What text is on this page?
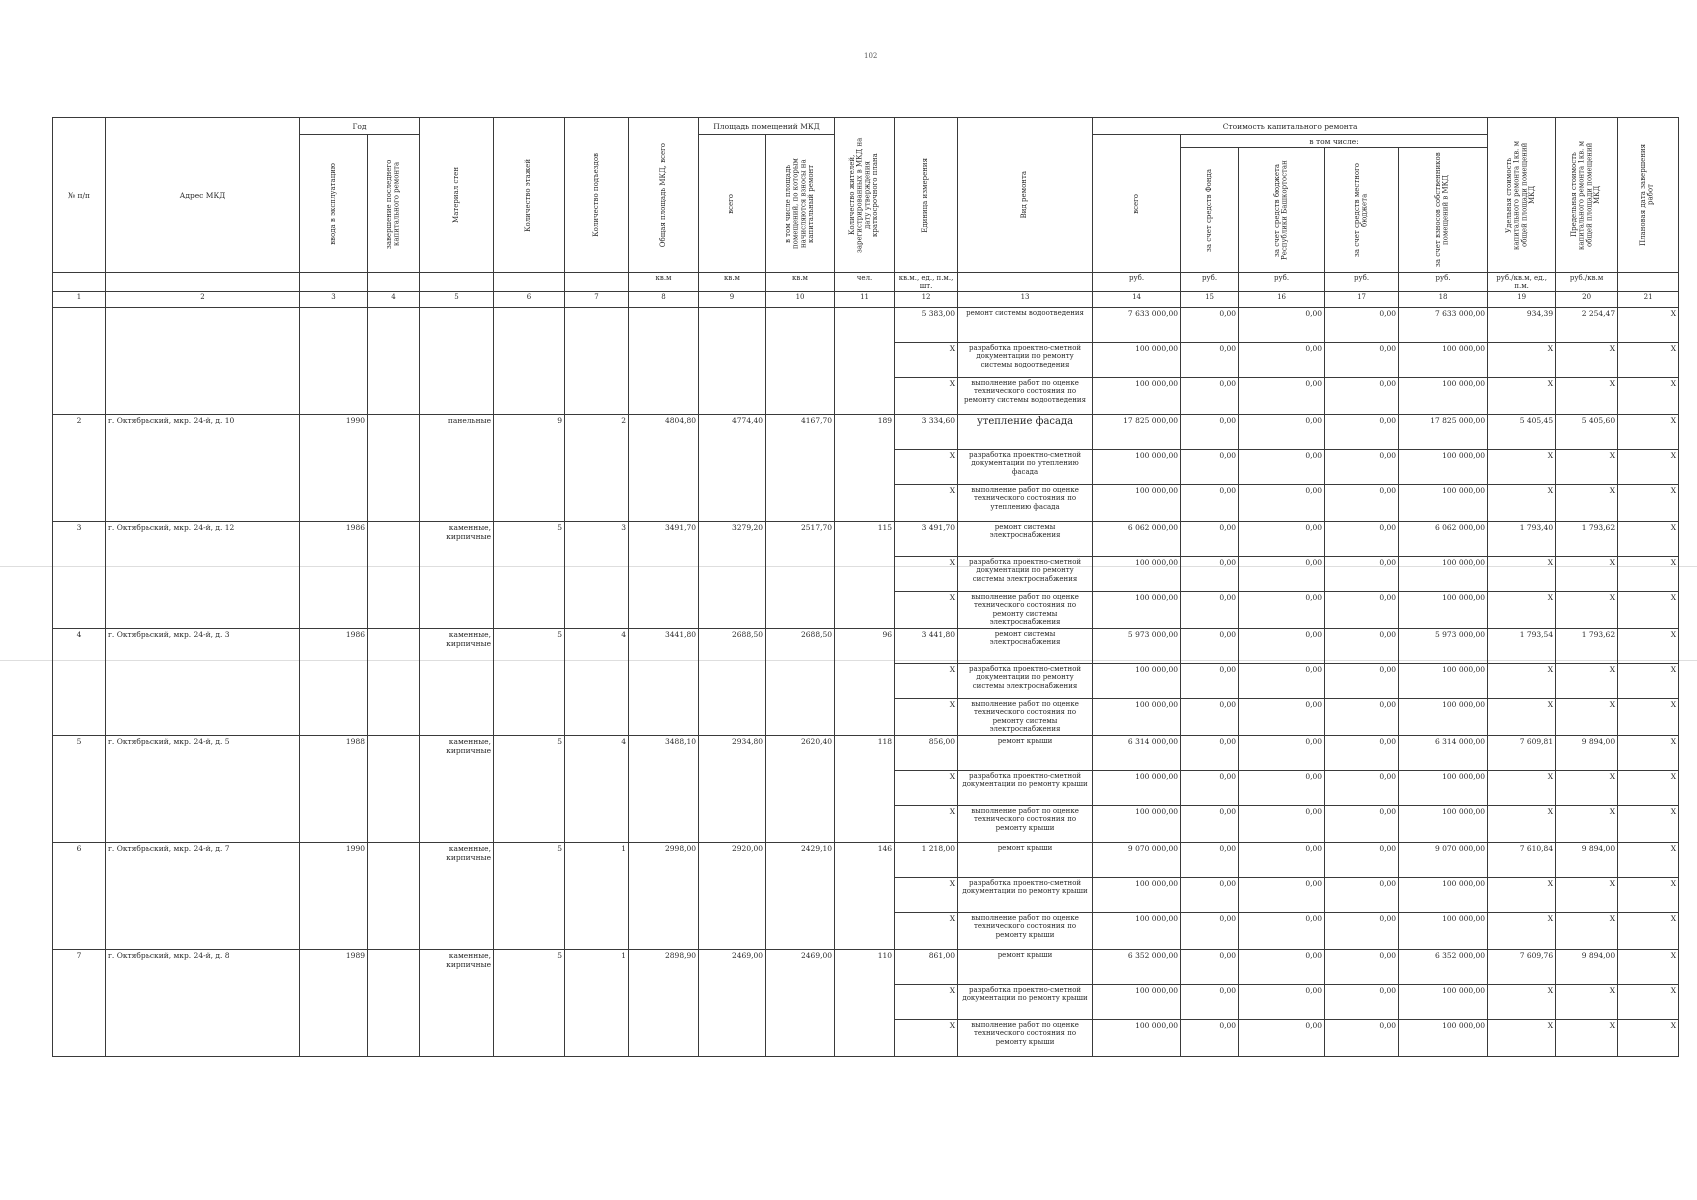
102
№ п/п	Адрес МКД	Год		Материал стен	Количество этажей	Количество подъездов	Общая площадь МКД, всего	Площадь помещений МКД		Количество жителей, зарегистрированных в МКД на дату утверждения краткосрочного плана	Единица измерения	Вид ремонта	Стоимость капитального ремонта					Удельная стоимость капитального ремонта 1кв. м общей площади помещений МКД	Предельная стоимость капитального ремонта 1кв. м общей площади помещений МКД	Плановая дата завершения работ

		ввода в эксплуатацию	завершение последнего капитального ремонта					всего	в том числе площадь помещений, по которым начисляются взносы на капитальный ремонт				всего	в том числе:						

														за счет средств Фонда	за счет средств бюджета Республики Башкортостан	за счет средств местного бюджета	за счет взносов собственников помещений в МКД			

							кв.м	кв.м	кв.м	чел.	кв.м., ед., п.м., шт.		руб.	руб.	руб.	руб.	руб.	руб./кв.м, ед., п.м.	руб./кв.м	
1	2	3	4	5	6	7	8	9	10	11	12	13	14	15	16	17	18	19	20	21
											5 383,00	ремонт системы водоотведения	7 633 000,00	0,00	0,00	0,00	7 633 000,00	934,39	2 254,47	X
											X	разработка проектно-сметной документации по ремонту системы водоотведения	100 000,00	0,00	0,00	0,00	100 000,00	X	X	X
											X	выполнение работ по оценке технического состояния по ремонту системы водоотведения	100 000,00	0,00	0,00	0,00	100 000,00	X	X	X
2	г. Октябрьский, мкр. 24-й, д. 10	1990		панельные	9	2	4804,80	4774,40	4167,70	189	3 334,60	утепление фасада	17 825 000,00	0,00	0,00	0,00	17 825 000,00	5 405,45	5 405,60	X
											X	разработка проектно-сметной документации по утеплению фасада	100 000,00	0,00	0,00	0,00	100 000,00	X	X	X
											X	выполнение работ по оценке технического состояния по утеплению фасада	100 000,00	0,00	0,00	0,00	100 000,00	X	X	X
3	г. Октябрьский, мкр. 24-й, д. 12	1986		каменные, кирпичные	5	3	3491,70	3279,20	2517,70	115	3 491,70	ремонт системы электроснабжения	6 062 000,00	0,00	0,00	0,00	6 062 000,00	1 793,40	1 793,62	X
											X	разработка проектно-сметной документации по ремонту системы электроснабжения	100 000,00	0,00	0,00	0,00	100 000,00	X	X	X
											X	выполнение работ по оценке технического состояния по ремонту системы электроснабжения	100 000,00	0,00	0,00	0,00	100 000,00	X	X	X
4	г. Октябрьский, мкр. 24-й, д. 3	1986		каменные, кирпичные	5	4	3441,80	2688,50	2688,50	96	3 441,80	ремонт системы электроснабжения	5 973 000,00	0,00	0,00	0,00	5 973 000,00	1 793,54	1 793,62	X
											X	разработка проектно-сметной документации по ремонту системы электроснабжения	100 000,00	0,00	0,00	0,00	100 000,00	X	X	X
											X	выполнение работ по оценке технического состояния по ремонту системы электроснабжения	100 000,00	0,00	0,00	0,00	100 000,00	X	X	X
5	г. Октябрьский, мкр. 24-й, д. 5	1988		каменные, кирпичные	5	4	3488,10	2934,80	2620,40	118	856,00	ремонт крыши	6 314 000,00	0,00	0,00	0,00	6 314 000,00	7 609,81	9 894,00	X
											X	разработка проектно-сметной документации по ремонту крыши	100 000,00	0,00	0,00	0,00	100 000,00	X	X	X
											X	выполнение работ по оценке технического состояния по ремонту крыши	100 000,00	0,00	0,00	0,00	100 000,00	X	X	X
6	г. Октябрьский, мкр. 24-й, д. 7	1990		каменные, кирпичные	5	1	2998,00	2920,00	2429,10	146	1 218,00	ремонт крыши	9 070 000,00	0,00	0,00	0,00	9 070 000,00	7 610,84	9 894,00	X
											X	разработка проектно-сметной документации по ремонту крыши	100 000,00	0,00	0,00	0,00	100 000,00	X	X	X
											X	выполнение работ по оценке технического состояния по ремонту крыши	100 000,00	0,00	0,00	0,00	100 000,00	X	X	X
7	г. Октябрьский, мкр. 24-й, д. 8	1989		каменные, кирпичные	5	1	2898,90	2469,00	2469,00	110	861,00	ремонт крыши	6 352 000,00	0,00	0,00	0,00	6 352 000,00	7 609,76	9 894,00	X
											X	разработка проектно-сметной документации по ремонту крыши	100 000,00	0,00	0,00	0,00	100 000,00	X	X	X
											X	выполнение работ по оценке технического состояния по ремонту крыши	100 000,00	0,00	0,00	0,00	100 000,00	X	X	X
